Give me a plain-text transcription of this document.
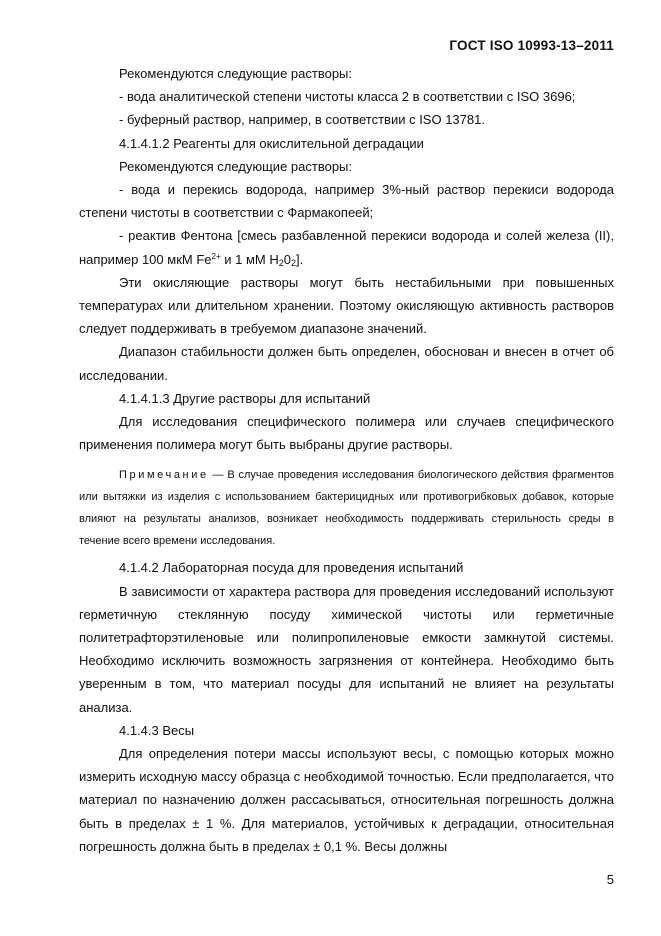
ГОСТ ISO 10993-13–2011

Рекомендуются следующие растворы:

- вода аналитической степени чистоты класса 2 в соответствии с ISO 3696;

- буферный раствор, например, в соответствии с ISO 13781.

4.1.4.1.2 Реагенты для окислительной деградации

Рекомендуются следующие растворы:

- вода и перекись водорода, например 3%-ный раствор перекиси водорода степени чистоты в соответствии с Фармакопеей;

- реактив Фентона [смесь разбавленной перекиси водорода и солей железа (II), например 100 мкМ $Fe^{2+}$ и 1 мМ $H_20_2$].

Эти окисляющие растворы могут быть нестабильными при повышенных температурах или длительном хранении. Поэтому окисляющую активность растворов следует поддерживать в требуемом диапазоне значений.

Диапазон стабильности должен быть определен, обоснован и внесен в отчет об исследовании.

4.1.4.1.3 Другие растворы для испытаний

Для исследования специфического полимера или случаев специфического применения полимера могут быть выбраны другие растворы.

Примечание — В случае проведения исследования биологического действия фрагментов или вытяжки из изделия с использованием бактерицидных или противогрибковых добавок, которые влияют на результаты анализов, возникает необходимость поддерживать стерильность среды в течение всего времени исследования.

4.1.4.2 Лабораторная посуда для проведения испытаний

В зависимости от характера раствора для проведения исследований используют герметичную стеклянную посуду химической чистоты или герметичные политетрафторэтиленовые или полипропиленовые емкости замкнутой системы. Необходимо исключить возможность загрязнения от контейнера. Необходимо быть уверенным в том, что материал посуды для испытаний не влияет на результаты анализа.

4.1.4.3 Весы

Для определения потери массы используют весы, с помощью которых можно измерить исходную массу образца с необходимой точностью. Если предполагается, что материал по назначению должен рассасываться, относительная погрешность должна быть в пределах ± 1 %. Для материалов, устойчивых к деградации, относительная погрешность должна быть в пределах ± 0,1 %. Весы должны

5
